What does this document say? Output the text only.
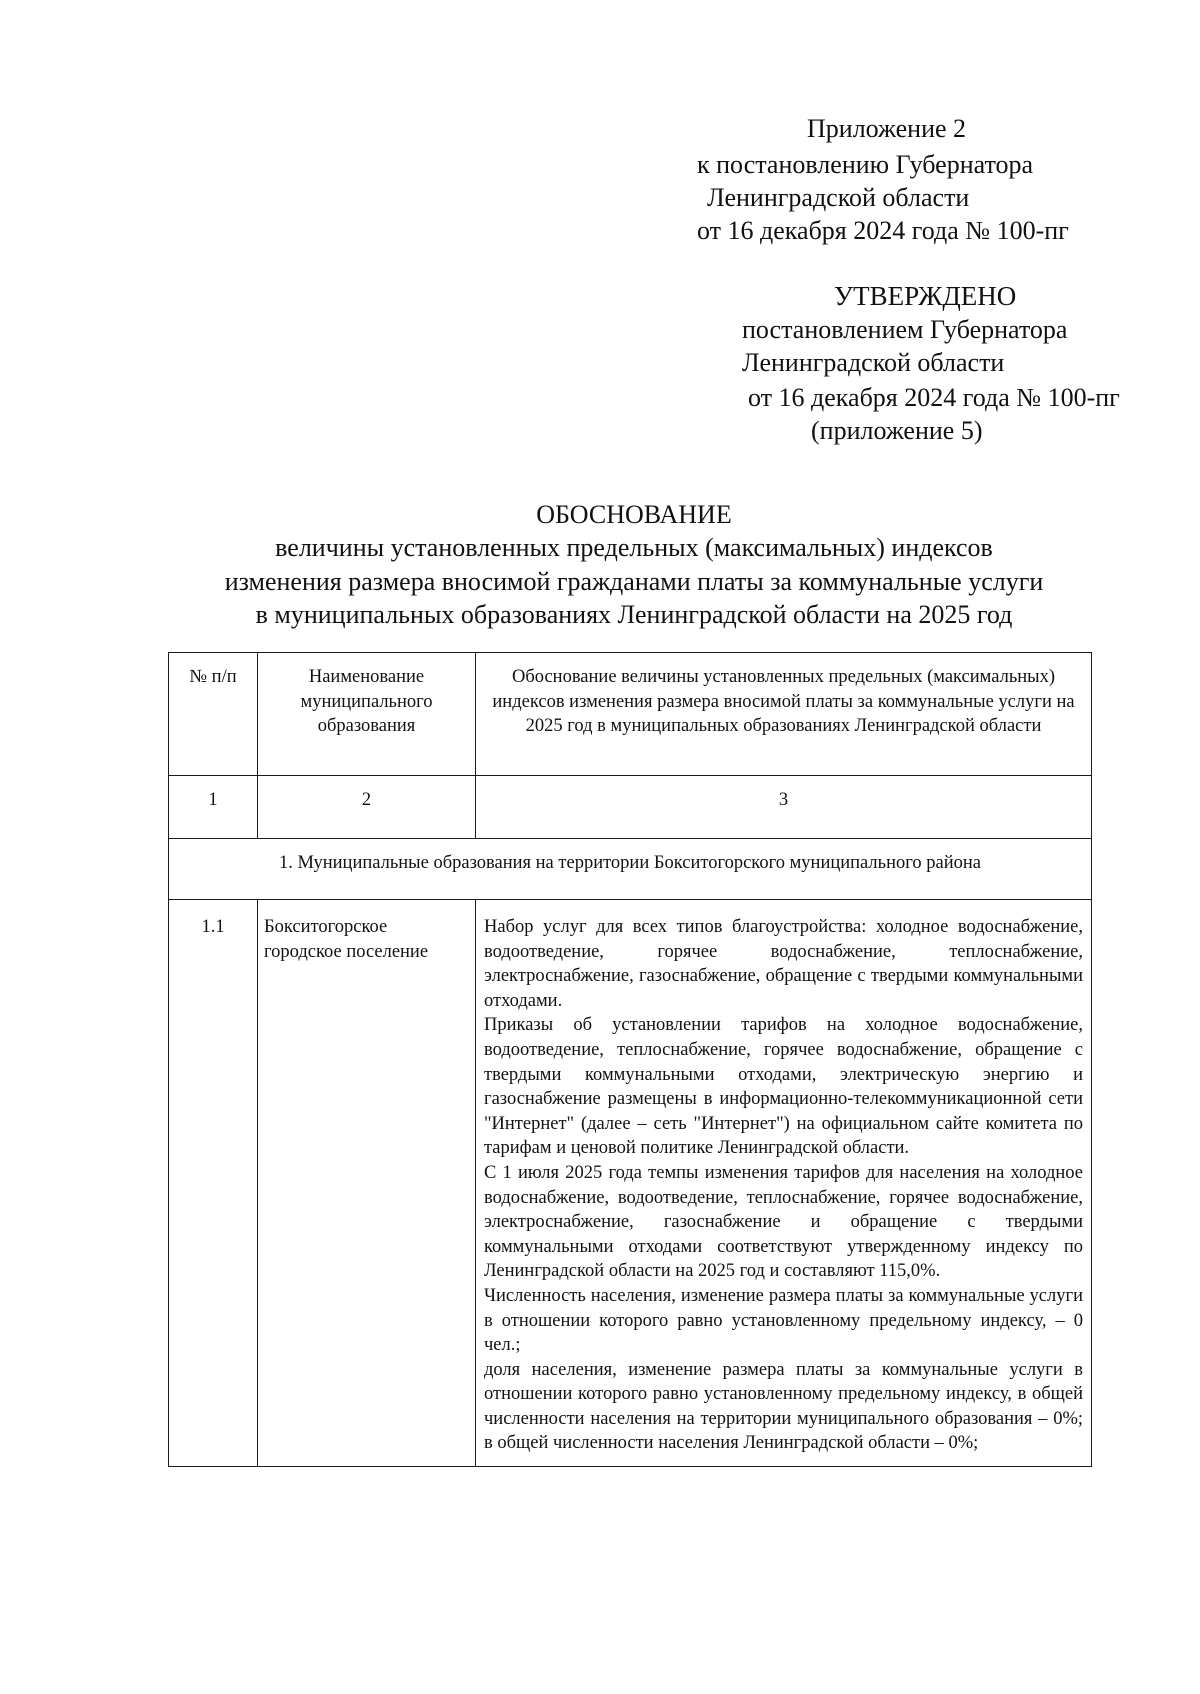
Приложение 2
к постановлению Губернатора
Ленинградской области
от 16 декабря 2024 года № 100-пг
УТВЕРЖДЕНО
постановлением Губернатора
Ленинградской области
от 16 декабря 2024 года № 100-пг
(приложение 5)
ОБОСНОВАНИЕ
величины установленных предельных (максимальных) индексов
изменения размера вносимой гражданами платы за коммунальные услуги
в муниципальных образованиях Ленинградской области на 2025 год
№ п/п	Наименование муниципального образования	Обоснование величины установленных предельных (максимальных) индексов изменения размера вносимой платы за коммунальные услуги на 2025 год в муниципальных образованиях Ленинградской области
1	2	3
1. Муниципальные образования на территории Бокситогорского муниципального района		
1.1	Бокситогорское городское поселение	Набор услуг для всех типов благоустройства: холодное водоснабжение, водоотведение, горячее водоснабжение, теплоснабжение, электроснабжение, газоснабжение, обращение с твердыми коммунальными отходами.
Приказы об установлении тарифов на холодное водоснабжение, водоотведение, теплоснабжение, горячее водоснабжение, обращение с твердыми коммунальными отходами, электрическую энергию и газоснабжение размещены в информационно-телекоммуникационной сети "Интернет" (далее – сеть "Интернет") на официальном сайте комитета по тарифам и ценовой политике Ленинградской области.
С 1 июля 2025 года темпы изменения тарифов для населения на холодное водоснабжение, водоотведение, теплоснабжение, горячее водоснабжение, электроснабжение, газоснабжение и обращение с твердыми коммунальными отходами соответствуют утвержденному индексу по Ленинградской области на 2025 год и составляют 115,0%.
Численность населения, изменение размера платы за коммунальные услуги в отношении которого равно установленному предельному индексу, – 0 чел.;
доля населения, изменение размера платы за коммунальные услуги в отношении которого равно установленному предельному индексу, в общей численности населения на территории муниципального образования – 0%; в общей численности населения Ленинградской области – 0%;
